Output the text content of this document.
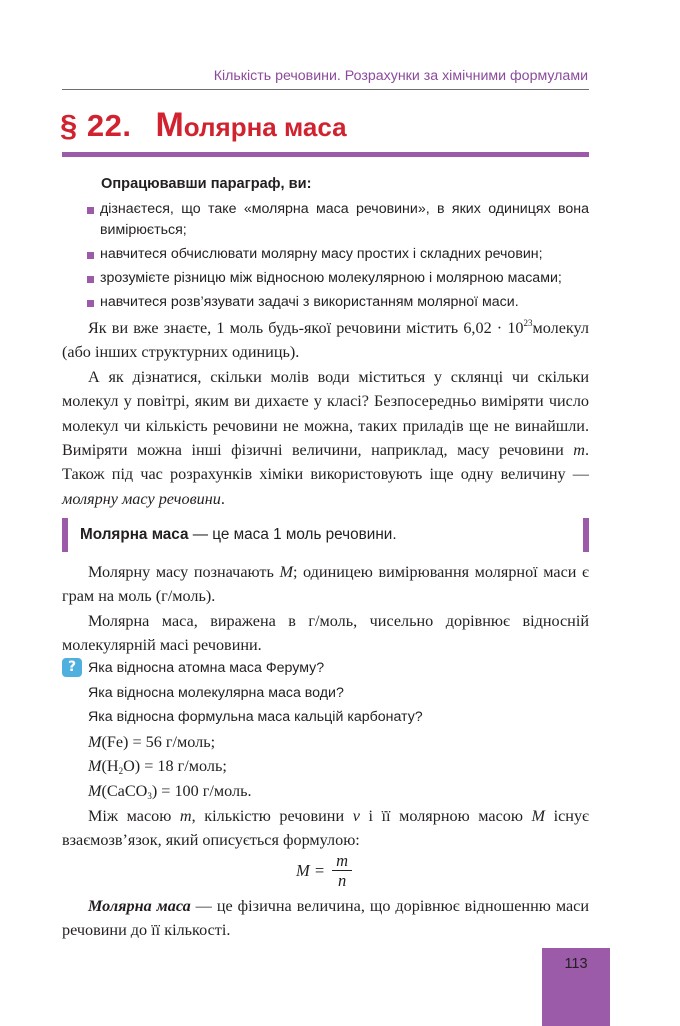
Кількість речовини. Розрахунки за хімічними формулами
§ 22. Молярна маса
Опрацювавши параграф, ви:
дізнаєтеся, що таке «молярна маса речовини», в яких одиницях вона вимірюється;
навчитеся обчислювати молярну масу простих і складних речовин;
зрозумієте різницю між відносною молекулярною і молярною масами;
навчитеся розв’язувати задачі з використанням молярної маси.

Як ви вже знаєте, 1 моль будь-якої речовини містить $6,02 \cdot 10^{23}молекул$ (або інших структурних одиниць).

А як дізнатися, скільки молів води міститься у склянці чи скільки молекул у повітрі, яким ви дихаєте у класі? Безпосередньо виміряти число молекул чи кількість речовини не можна, таких приладів ще не винайшли. Виміряти можна інші фізичні величини, наприклад, масу речовини m. Також під час розрахунків хіміки використовують іще одну величину — молярну масу речовини.

Молярна маса — це маса 1 моль речовини.

Молярну масу позначають M; одиницею вимірювання молярної маси є грам на моль (г/моль).

Молярна маса, виражена в г/моль, чисельно дорівнює відносній молекулярній масі речовини.

? Яка відносна атомна маса Феруму?
Яка відносна молекулярна маса води?
Яка відносна формульна маса кальцій карбонату?
M(Fe) = 56 г/моль;
$M(H_2O) = 18$ г/моль;
M(CaCO$_3$) = 100 г/моль.

Між масою m, кількістю речовини ν і її молярною масою M існує взаємозв’язок, який описується формулою:

$M = \frac{m}{n}$

Молярна маса — це фізична величина, що дорівнює відношенню маси речовини до її кількості.

113
